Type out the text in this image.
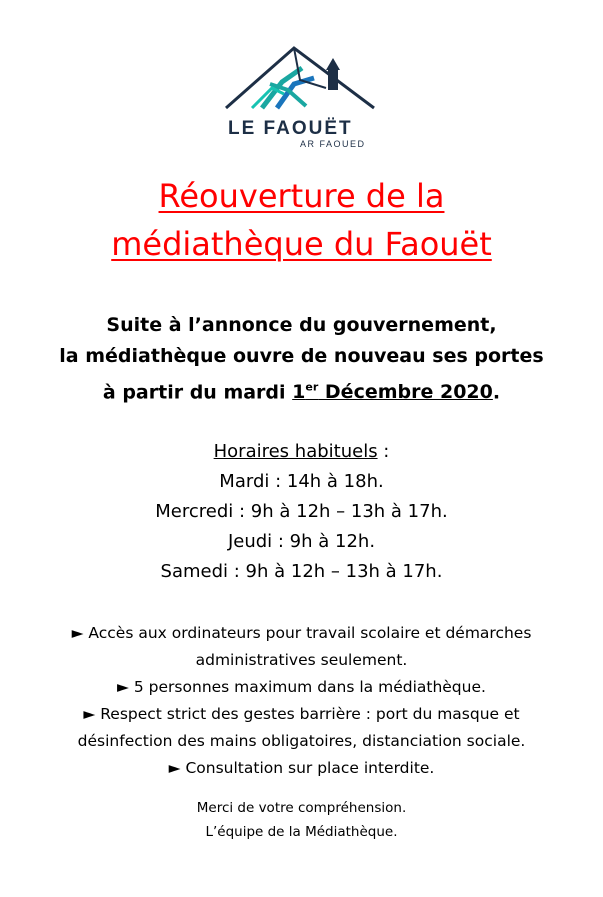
LE FAOUËT
AR FAOUED
Réouverture de la
médiathèque du Faouët
Suite à l’annonce du gouvernement,
la médiathèque ouvre de nouveau ses portes
à partir du mardi 1er Décembre 2020.
Horaires habituels :
Mardi : 14h à 18h.
Mercredi : 9h à 12h – 13h à 17h.
Jeudi : 9h à 12h.
Samedi : 9h à 12h – 13h à 17h.
► Accès aux ordinateurs pour travail scolaire et démarches
administratives seulement.
► 5 personnes maximum dans la médiathèque.
► Respect strict des gestes barrière : port du masque et
désinfection des mains obligatoires, distanciation sociale.
► Consultation sur place interdite.
Merci de votre compréhension.
L’équipe de la Médiathèque.
